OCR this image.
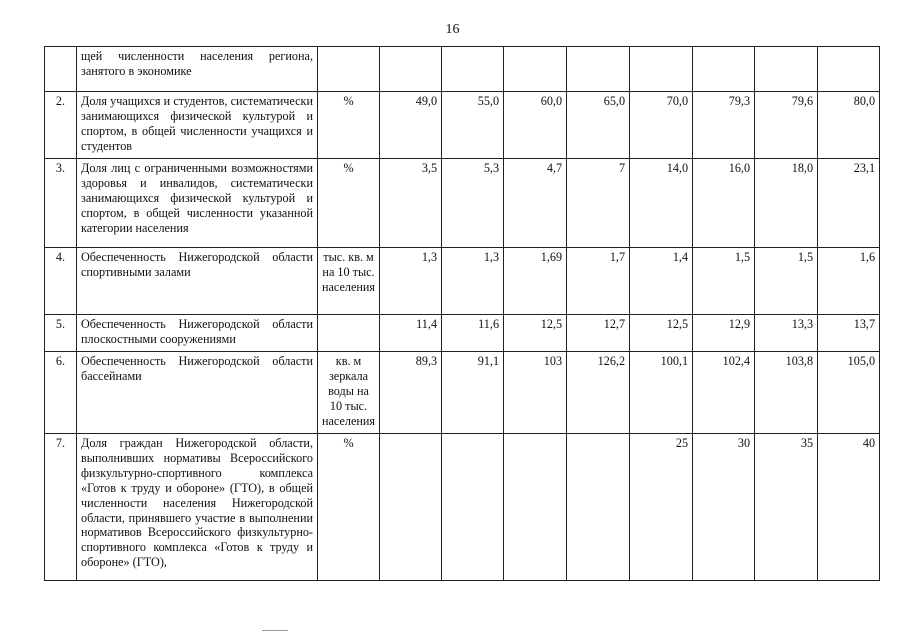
16
	щей численности населения региона, занятого в экономике									
2.	Доля учащихся и студентов, систематически занимающихся физической культурой и спортом, в общей численности учащихся и студентов	%	49,0	55,0	60,0	65,0	70,0	79,3	79,6	80,0
3.	Доля лиц с ограниченными возможностями здоровья и инвалидов, систематически занимающихся физической культурой и спортом, в общей численности указанной категории населения	%	3,5	5,3	4,7	7	14,0	16,0	18,0	23,1
4.	Обеспеченность Нижегородской области спортивными залами	тыс. кв. м на 10 тыс. населения	1,3	1,3	1,69	1,7	1,4	1,5	1,5	1,6
5.	Обеспеченность Нижегородской области плоскостными сооружениями		11,4	11,6	12,5	12,7	12,5	12,9	13,3	13,7
6.	Обеспеченность Нижегородской области бассейнами	кв. м зеркала воды на 10 тыс. населения	89,3	91,1	103	126,2	100,1	102,4	103,8	105,0
7.	Доля граждан Нижегородской области, выполнивших нормативы Всероссийского физкультурно-спортивного комплекса «Готов к труду и обороне» (ГТО), в общей численности населения Нижегородской области, принявшего участие в выполнении нормативов Всероссийского физкультурно-спортивного комплекса «Готов к труду и обороне» (ГТО),	%					25	30	35	40
